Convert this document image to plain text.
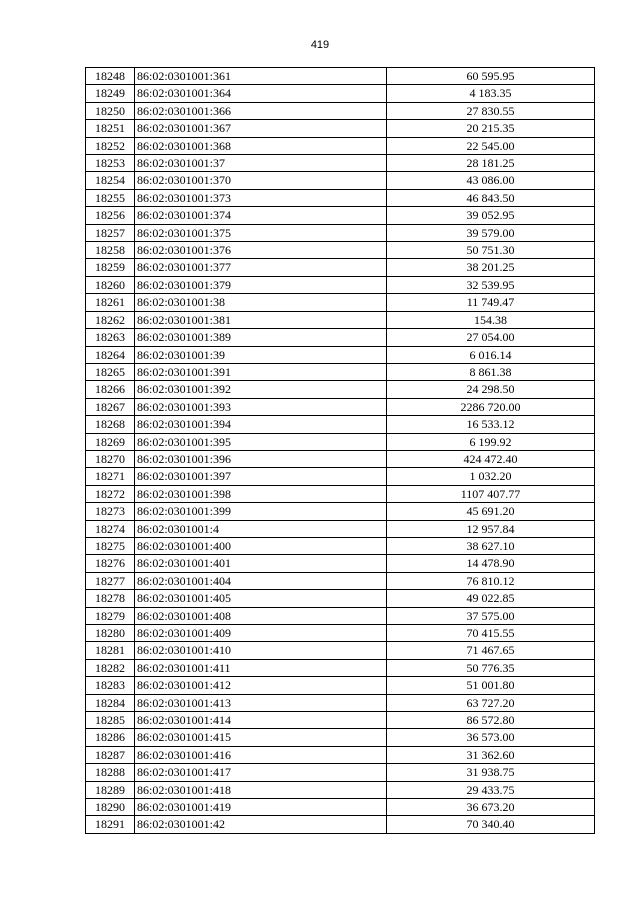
419
18248	86:02:0301001:361	60 595.95
18249	86:02:0301001:364	4 183.35
18250	86:02:0301001:366	27 830.55
18251	86:02:0301001:367	20 215.35
18252	86:02:0301001:368	22 545.00
18253	86:02:0301001:37	28 181.25
18254	86:02:0301001:370	43 086.00
18255	86:02:0301001:373	46 843.50
18256	86:02:0301001:374	39 052.95
18257	86:02:0301001:375	39 579.00
18258	86:02:0301001:376	50 751.30
18259	86:02:0301001:377	38 201.25
18260	86:02:0301001:379	32 539.95
18261	86:02:0301001:38	11 749.47
18262	86:02:0301001:381	154.38
18263	86:02:0301001:389	27 054.00
18264	86:02:0301001:39	6 016.14
18265	86:02:0301001:391	8 861.38
18266	86:02:0301001:392	24 298.50
18267	86:02:0301001:393	2286 720.00
18268	86:02:0301001:394	16 533.12
18269	86:02:0301001:395	6 199.92
18270	86:02:0301001:396	424 472.40
18271	86:02:0301001:397	1 032.20
18272	86:02:0301001:398	1107 407.77
18273	86:02:0301001:399	45 691.20
18274	86:02:0301001:4	12 957.84
18275	86:02:0301001:400	38 627.10
18276	86:02:0301001:401	14 478.90
18277	86:02:0301001:404	76 810.12
18278	86:02:0301001:405	49 022.85
18279	86:02:0301001:408	37 575.00
18280	86:02:0301001:409	70 415.55
18281	86:02:0301001:410	71 467.65
18282	86:02:0301001:411	50 776.35
18283	86:02:0301001:412	51 001.80
18284	86:02:0301001:413	63 727.20
18285	86:02:0301001:414	86 572.80
18286	86:02:0301001:415	36 573.00
18287	86:02:0301001:416	31 362.60
18288	86:02:0301001:417	31 938.75
18289	86:02:0301001:418	29 433.75
18290	86:02:0301001:419	36 673.20
18291	86:02:0301001:42	70 340.40
